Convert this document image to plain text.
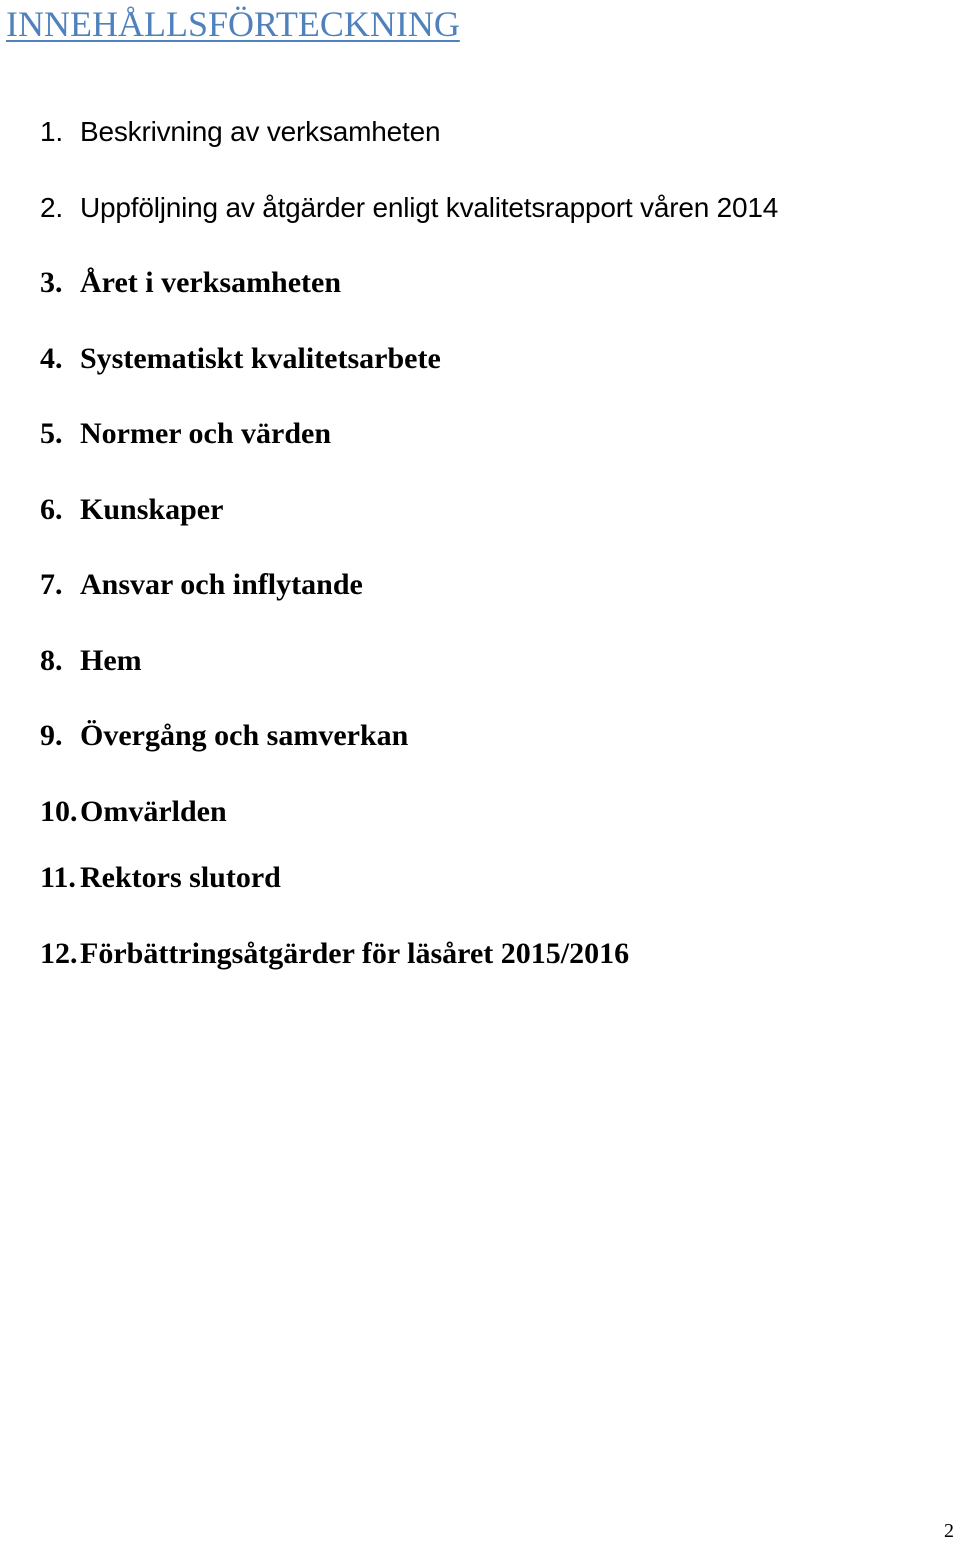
INNEHÅLLSFÖRTECKNING
1. Beskrivning av verksamheten
2. Uppföljning av åtgärder enligt kvalitetsrapport våren 2014
3. Året i verksamheten
4. Systematiskt kvalitetsarbete
5. Normer och värden
6. Kunskaper
7. Ansvar och inflytande
8. Hem
9. Övergång och samverkan
10.Omvärlden
11. Rektors slutord
12.Förbättringsåtgärder för läsåret 2015/2016
2
